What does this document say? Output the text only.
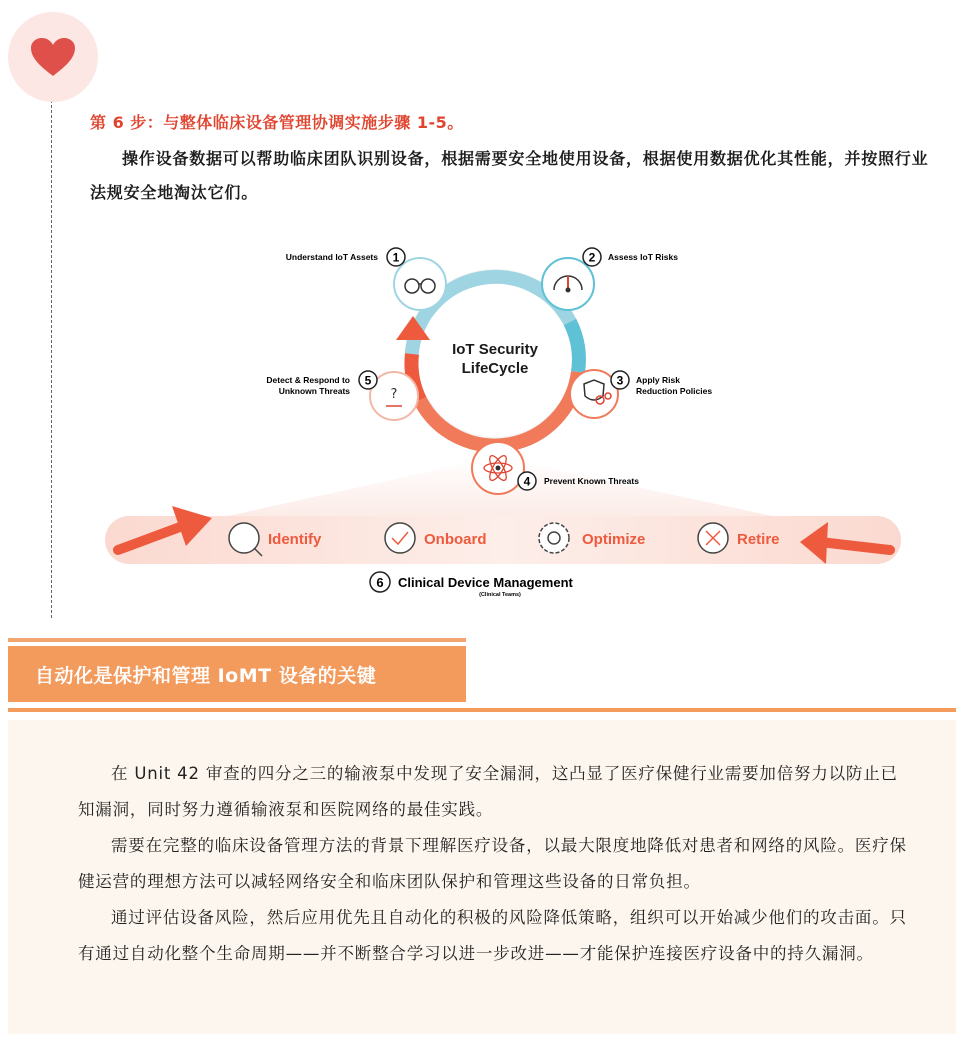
第 6 步：与整体临床设备管理协调实施步骤 1-5。
操作设备数据可以帮助临床团队识别设备，根据需要安全地使用设备，根据使用数据优化其性能，并按照行业法规安全地淘汰它们。
IoT Security
LifeCycle
1
Understand IoT Assets	2 Assess IoT Risks
3 Apply Risk
Reduction Policies
4 Prevent Known Threats
?
5
Detect & Respond to
Unknown Threats
Identify	Onboard	Optimize	Retire
6 Clinical Device Management
(Clinical Teams)
自动化是保护和管理 IoMT 设备的关键

在 Unit 42 审查的四分之三的输液泵中发现了安全漏洞，这凸显了医疗保健行业需要加倍努力以防止已知漏洞，同时努力遵循输液泵和医院网络的最佳实践。

需要在完整的临床设备管理方法的背景下理解医疗设备，以最大限度地降低对患者和网络的风险。医疗保健运营的理想方法可以减轻网络安全和临床团队保护和管理这些设备的日常负担。

通过评估设备风险，然后应用优先且自动化的积极的风险降低策略，组织可以开始减少他们的攻击面。只有通过自动化整个生命周期——并不断整合学习以进一步改进——才能保护连接医疗设备中的持久漏洞。
